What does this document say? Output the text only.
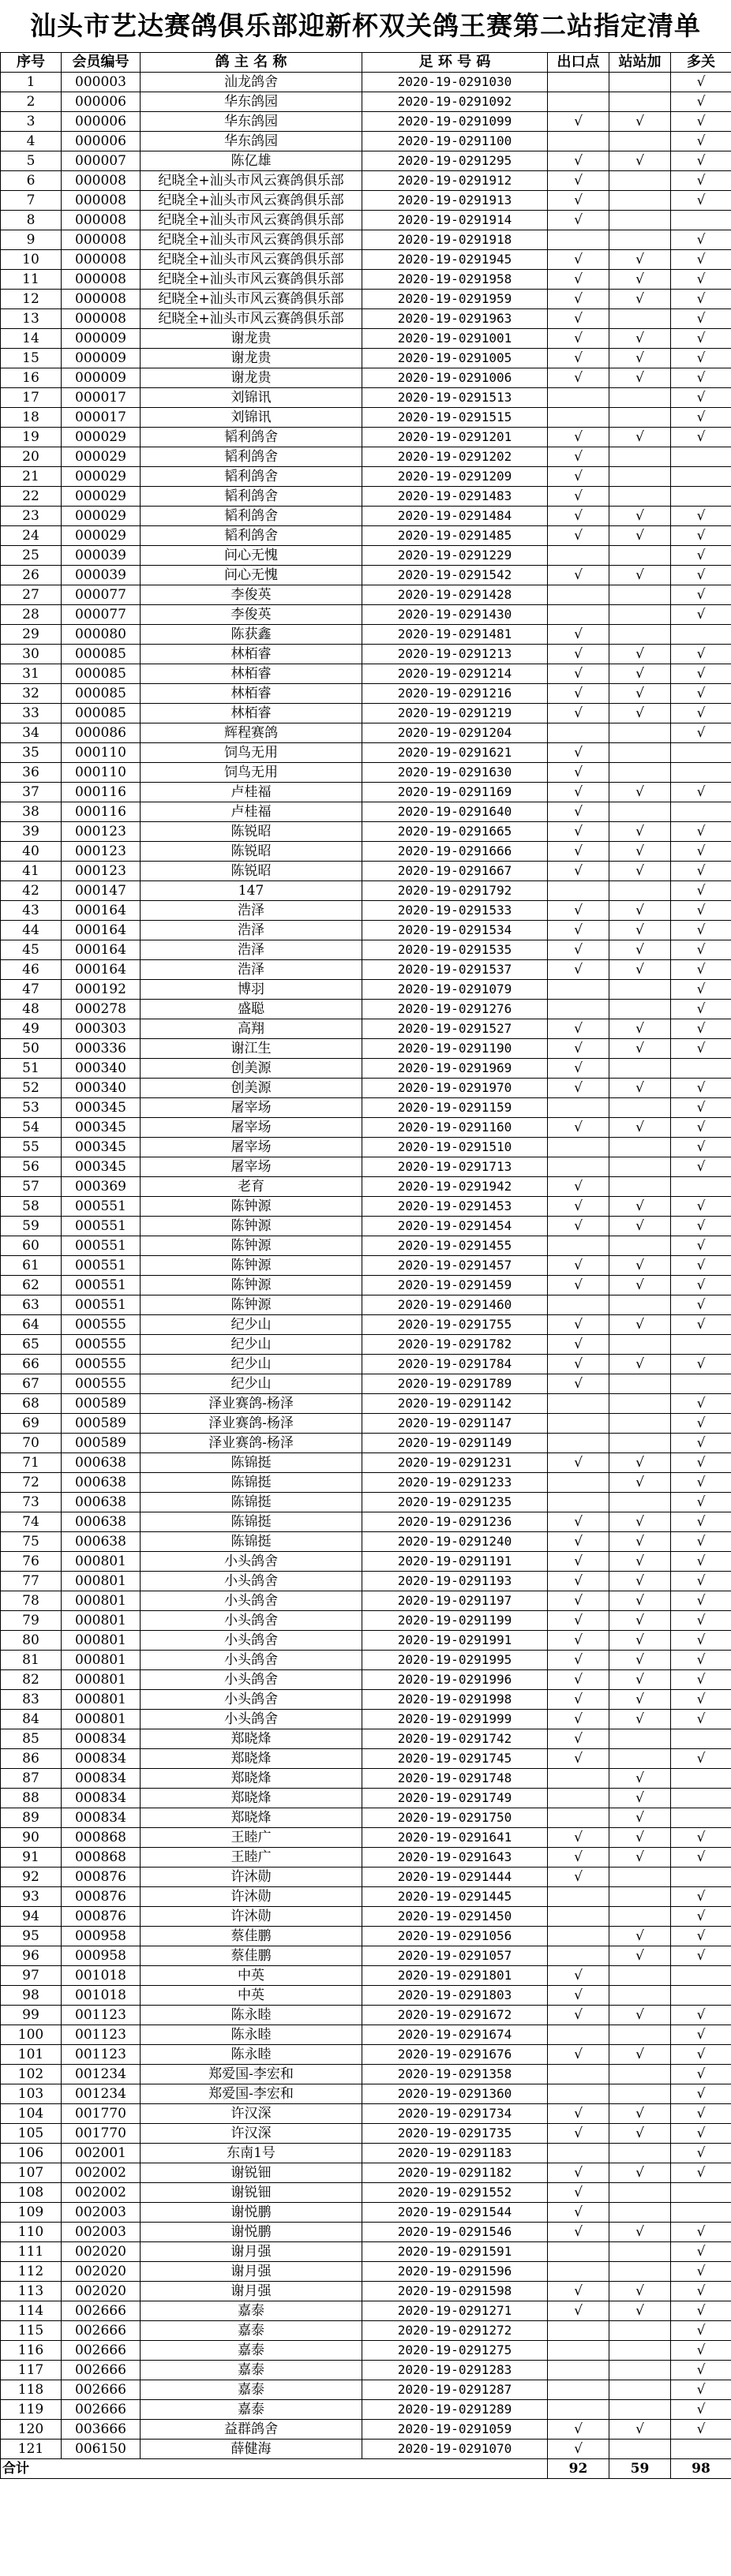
汕头市艺达赛鸽俱乐部迎新杯双关鸽王赛第二站指定清单
序号	会员编号	鸽 主 名 称	足 环 号 码	出口点	站站加	多关
1	000003	汕龙鸽舍	2020-19-0291030			√
2	000006	华东鸽园	2020-19-0291092			√
3	000006	华东鸽园	2020-19-0291099	√	√	√
4	000006	华东鸽园	2020-19-0291100			√
5	000007	陈亿雄	2020-19-0291295	√	√	√
6	000008	纪晓全+汕头市风云赛鸽俱乐部	2020-19-0291912	√		√
7	000008	纪晓全+汕头市风云赛鸽俱乐部	2020-19-0291913	√		√
8	000008	纪晓全+汕头市风云赛鸽俱乐部	2020-19-0291914	√		
9	000008	纪晓全+汕头市风云赛鸽俱乐部	2020-19-0291918			√
10	000008	纪晓全+汕头市风云赛鸽俱乐部	2020-19-0291945	√	√	√
11	000008	纪晓全+汕头市风云赛鸽俱乐部	2020-19-0291958	√	√	√
12	000008	纪晓全+汕头市风云赛鸽俱乐部	2020-19-0291959	√	√	√
13	000008	纪晓全+汕头市风云赛鸽俱乐部	2020-19-0291963	√		√
14	000009	谢龙贵	2020-19-0291001	√	√	√
15	000009	谢龙贵	2020-19-0291005	√	√	√
16	000009	谢龙贵	2020-19-0291006	√	√	√
17	000017	刘锦讯	2020-19-0291513			√
18	000017	刘锦讯	2020-19-0291515			√
19	000029	韬利鸽舍	2020-19-0291201	√	√	√
20	000029	韬利鸽舍	2020-19-0291202	√		
21	000029	韬利鸽舍	2020-19-0291209	√		
22	000029	韬利鸽舍	2020-19-0291483	√		
23	000029	韬利鸽舍	2020-19-0291484	√	√	√
24	000029	韬利鸽舍	2020-19-0291485	√	√	√
25	000039	问心无愧	2020-19-0291229			√
26	000039	问心无愧	2020-19-0291542	√	√	√
27	000077	李俊英	2020-19-0291428			√
28	000077	李俊英	2020-19-0291430			√
29	000080	陈获鑫	2020-19-0291481	√		
30	000085	林栢睿	2020-19-0291213	√	√	√
31	000085	林栢睿	2020-19-0291214	√	√	√
32	000085	林栢睿	2020-19-0291216	√	√	√
33	000085	林栢睿	2020-19-0291219	√	√	√
34	000086	辉程赛鸽	2020-19-0291204			√
35	000110	饲鸟无用	2020-19-0291621	√		
36	000110	饲鸟无用	2020-19-0291630	√		
37	000116	卢桂福	2020-19-0291169	√	√	√
38	000116	卢桂福	2020-19-0291640	√		
39	000123	陈锐昭	2020-19-0291665	√	√	√
40	000123	陈锐昭	2020-19-0291666	√	√	√
41	000123	陈锐昭	2020-19-0291667	√	√	√
42	000147	147	2020-19-0291792			√
43	000164	浩泽	2020-19-0291533	√	√	√
44	000164	浩泽	2020-19-0291534	√	√	√
45	000164	浩泽	2020-19-0291535	√	√	√
46	000164	浩泽	2020-19-0291537	√	√	√
47	000192	博羽	2020-19-0291079			√
48	000278	盛聪	2020-19-0291276			√
49	000303	高翔	2020-19-0291527	√	√	√
50	000336	谢江生	2020-19-0291190	√	√	√
51	000340	创美源	2020-19-0291969	√		
52	000340	创美源	2020-19-0291970	√	√	√
53	000345	屠宰场	2020-19-0291159			√
54	000345	屠宰场	2020-19-0291160	√	√	√
55	000345	屠宰场	2020-19-0291510			√
56	000345	屠宰场	2020-19-0291713			√
57	000369	老育	2020-19-0291942	√		
58	000551	陈钟源	2020-19-0291453	√	√	√
59	000551	陈钟源	2020-19-0291454	√	√	√
60	000551	陈钟源	2020-19-0291455			√
61	000551	陈钟源	2020-19-0291457	√	√	√
62	000551	陈钟源	2020-19-0291459	√	√	√
63	000551	陈钟源	2020-19-0291460			√
64	000555	纪少山	2020-19-0291755	√	√	√
65	000555	纪少山	2020-19-0291782	√		
66	000555	纪少山	2020-19-0291784	√	√	√
67	000555	纪少山	2020-19-0291789	√		
68	000589	泽业赛鸽-杨泽	2020-19-0291142			√
69	000589	泽业赛鸽-杨泽	2020-19-0291147			√
70	000589	泽业赛鸽-杨泽	2020-19-0291149			√
71	000638	陈锦挺	2020-19-0291231	√	√	√
72	000638	陈锦挺	2020-19-0291233		√	√
73	000638	陈锦挺	2020-19-0291235			√
74	000638	陈锦挺	2020-19-0291236	√	√	√
75	000638	陈锦挺	2020-19-0291240	√	√	√
76	000801	小头鸽舍	2020-19-0291191	√	√	√
77	000801	小头鸽舍	2020-19-0291193	√	√	√
78	000801	小头鸽舍	2020-19-0291197	√	√	√
79	000801	小头鸽舍	2020-19-0291199	√	√	√
80	000801	小头鸽舍	2020-19-0291991	√	√	√
81	000801	小头鸽舍	2020-19-0291995	√	√	√
82	000801	小头鸽舍	2020-19-0291996	√	√	√
83	000801	小头鸽舍	2020-19-0291998	√	√	√
84	000801	小头鸽舍	2020-19-0291999	√	√	√
85	000834	郑晓烽	2020-19-0291742	√		
86	000834	郑晓烽	2020-19-0291745	√		√
87	000834	郑晓烽	2020-19-0291748		√	
88	000834	郑晓烽	2020-19-0291749		√	
89	000834	郑晓烽	2020-19-0291750		√	
90	000868	王睦广	2020-19-0291641	√	√	√
91	000868	王睦广	2020-19-0291643	√	√	√
92	000876	许沐勋	2020-19-0291444	√		
93	000876	许沐勋	2020-19-0291445			√
94	000876	许沐勋	2020-19-0291450			√
95	000958	蔡佳鹏	2020-19-0291056		√	√
96	000958	蔡佳鹏	2020-19-0291057		√	√
97	001018	中英	2020-19-0291801	√		
98	001018	中英	2020-19-0291803	√		
99	001123	陈永睦	2020-19-0291672	√	√	√
100	001123	陈永睦	2020-19-0291674			√
101	001123	陈永睦	2020-19-0291676	√	√	√
102	001234	郑爱国-李宏和	2020-19-0291358			√
103	001234	郑爱国-李宏和	2020-19-0291360			√
104	001770	许汉深	2020-19-0291734	√	√	√
105	001770	许汉深	2020-19-0291735	√	√	√
106	002001	东南1号	2020-19-0291183			√
107	002002	谢锐钿	2020-19-0291182	√	√	√
108	002002	谢锐钿	2020-19-0291552	√		
109	002003	谢悦鹏	2020-19-0291544	√		
110	002003	谢悦鹏	2020-19-0291546	√	√	√
111	002020	谢月强	2020-19-0291591			√
112	002020	谢月强	2020-19-0291596			√
113	002020	谢月强	2020-19-0291598	√	√	√
114	002666	嘉泰	2020-19-0291271	√	√	√
115	002666	嘉泰	2020-19-0291272			√
116	002666	嘉泰	2020-19-0291275			√
117	002666	嘉泰	2020-19-0291283			√
118	002666	嘉泰	2020-19-0291287			√
119	002666	嘉泰	2020-19-0291289			√
120	003666	益群鸽舍	2020-19-0291059	√	√	√
121	006150	薛健海	2020-19-0291070	√		
合计				92	59	98
